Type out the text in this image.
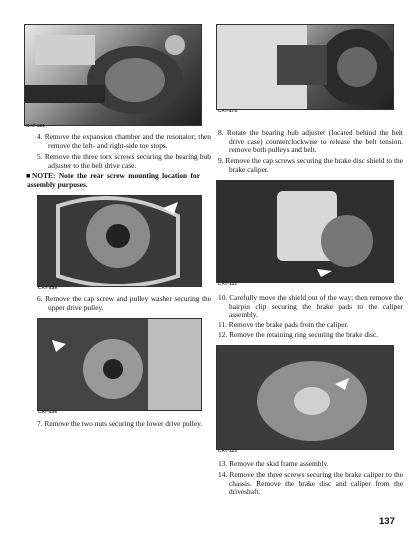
CAT-121
CAT-474

4. Remove the expansion chamber and the resonator; then remove the left- and right-side toe stops.

5. Remove the three torx screws securing the bearing hub adjuster to the belt drive case.

■NOTE: Note the rear screw mounting location for assembly purposes.

CAT-439

6. Remove the cap screw and pulley washer securing the upper drive pulley.

CAT-436

7. Remove the two nuts securing the lower drive pulley.

8. Rotate the bearing hub adjuster (located behind the belt drive case) counterclockwise to release the belt tension. remove both pulleys and belt.

9. Remove the cap screws securing the brake disc shield to the brake caliper.

CAT-122

10. Carefully move the shield out of the way; then remove the hairpin clip securing the brake pads to the caliper assembly.

11. Remove the brake pads from the caliper.

12. Remove the retaining ring securing the brake disc.

CAT-123

13. Remove the skid frame assembly.

14. Remove the three screws securing the brake caliper to the chassis. Remove the brake disc and caliper from the driveshaft.

137
